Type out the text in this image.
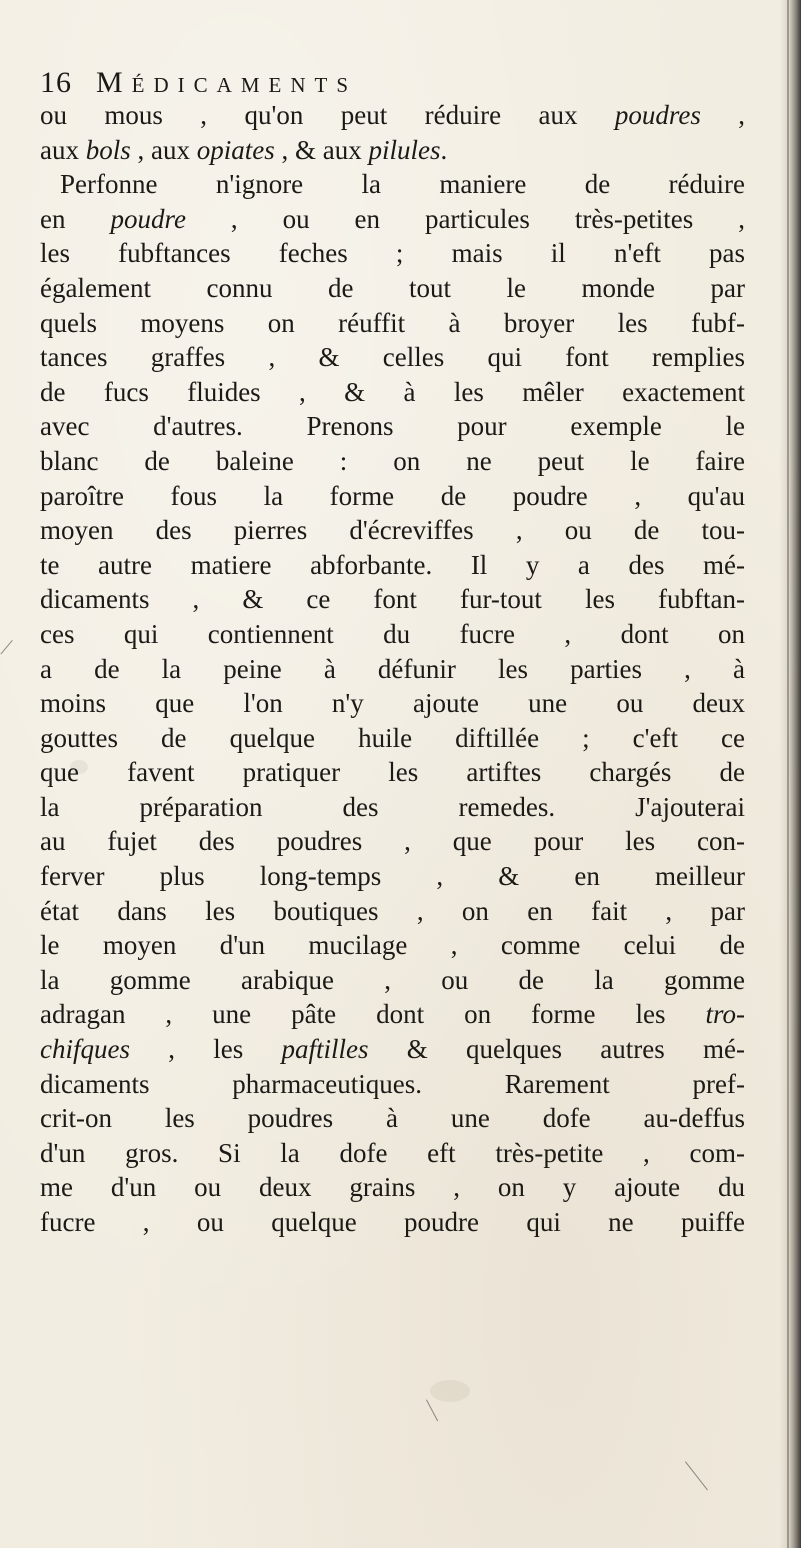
16 Médicaments
ou mous , qu'on peut réduire aux poudres ,
aux bols , aux opiates , & aux pilules.
Perfonne n'ignore la maniere de réduire
en poudre , ou en particules très-petites ,
les fubftances feches ; mais il n'eft pas
également connu de tout le monde par
quels moyens on réuffit à broyer les fubf-
tances graffes , & celles qui font remplies
de fucs fluides , & à les mêler exactement
avec d'autres. Prenons pour exemple le
blanc de baleine : on ne peut le faire
paroître fous la forme de poudre , qu'au
moyen des pierres d'écreviffes , ou de tou-
te autre matiere abforbante. Il y a des mé-
dicaments , & ce font fur-tout les fubftan-
ces qui contiennent du fucre , dont on
a de la peine à défunir les parties , à
moins que l'on n'y ajoute une ou deux
gouttes de quelque huile diftillée ; c'eft ce
que favent pratiquer les artiftes chargés de
la préparation des remedes. J'ajouterai
au fujet des poudres , que pour les con-
ferver plus long-temps , & en meilleur
état dans les boutiques , on en fait , par
le moyen d'un mucilage , comme celui de
la gomme arabique , ou de la gomme
adragan , une pâte dont on forme les tro-
chifques , les paftilles & quelques autres mé-
dicaments pharmaceutiques. Rarement pref-
crit-on les poudres à une dofe au-deffus
d'un gros. Si la dofe eft très-petite , com-
me d'un ou deux grains , on y ajoute du
fucre , ou quelque poudre qui ne puiffe
